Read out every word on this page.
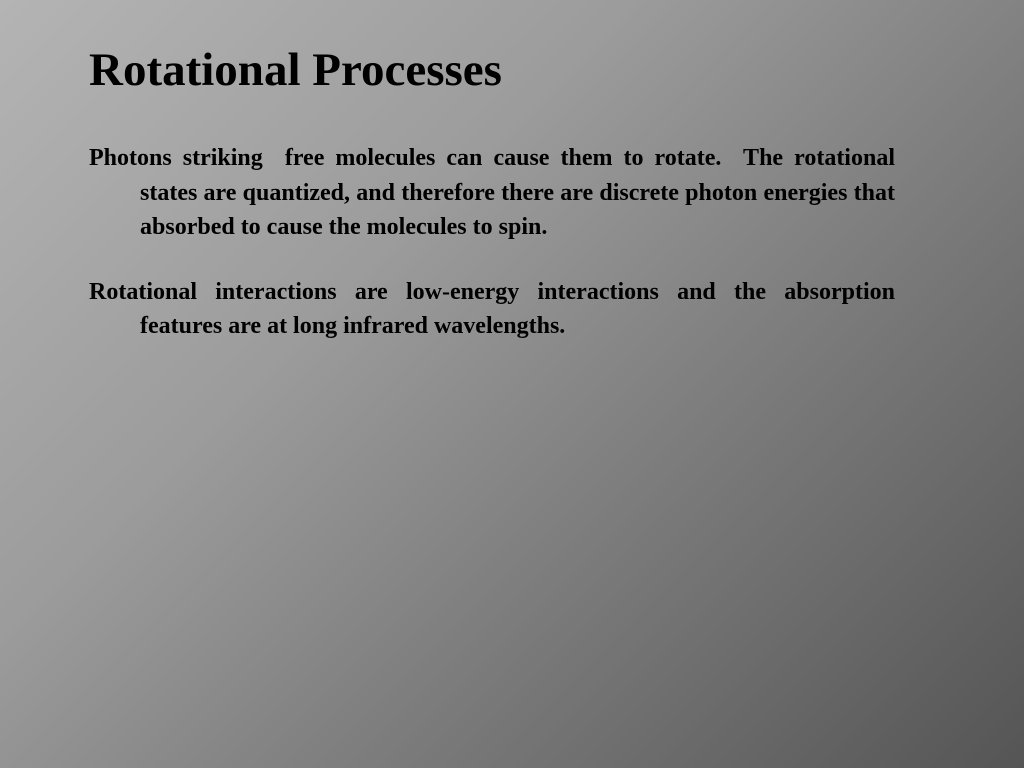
Rotational Processes

Photons striking  free molecules can cause them to rotate.  The rotational states are quantized, and therefore there are discrete photon energies that absorbed to cause the molecules to spin.

Rotational interactions are low-energy interactions and the absorption features are at long infrared wavelengths.
